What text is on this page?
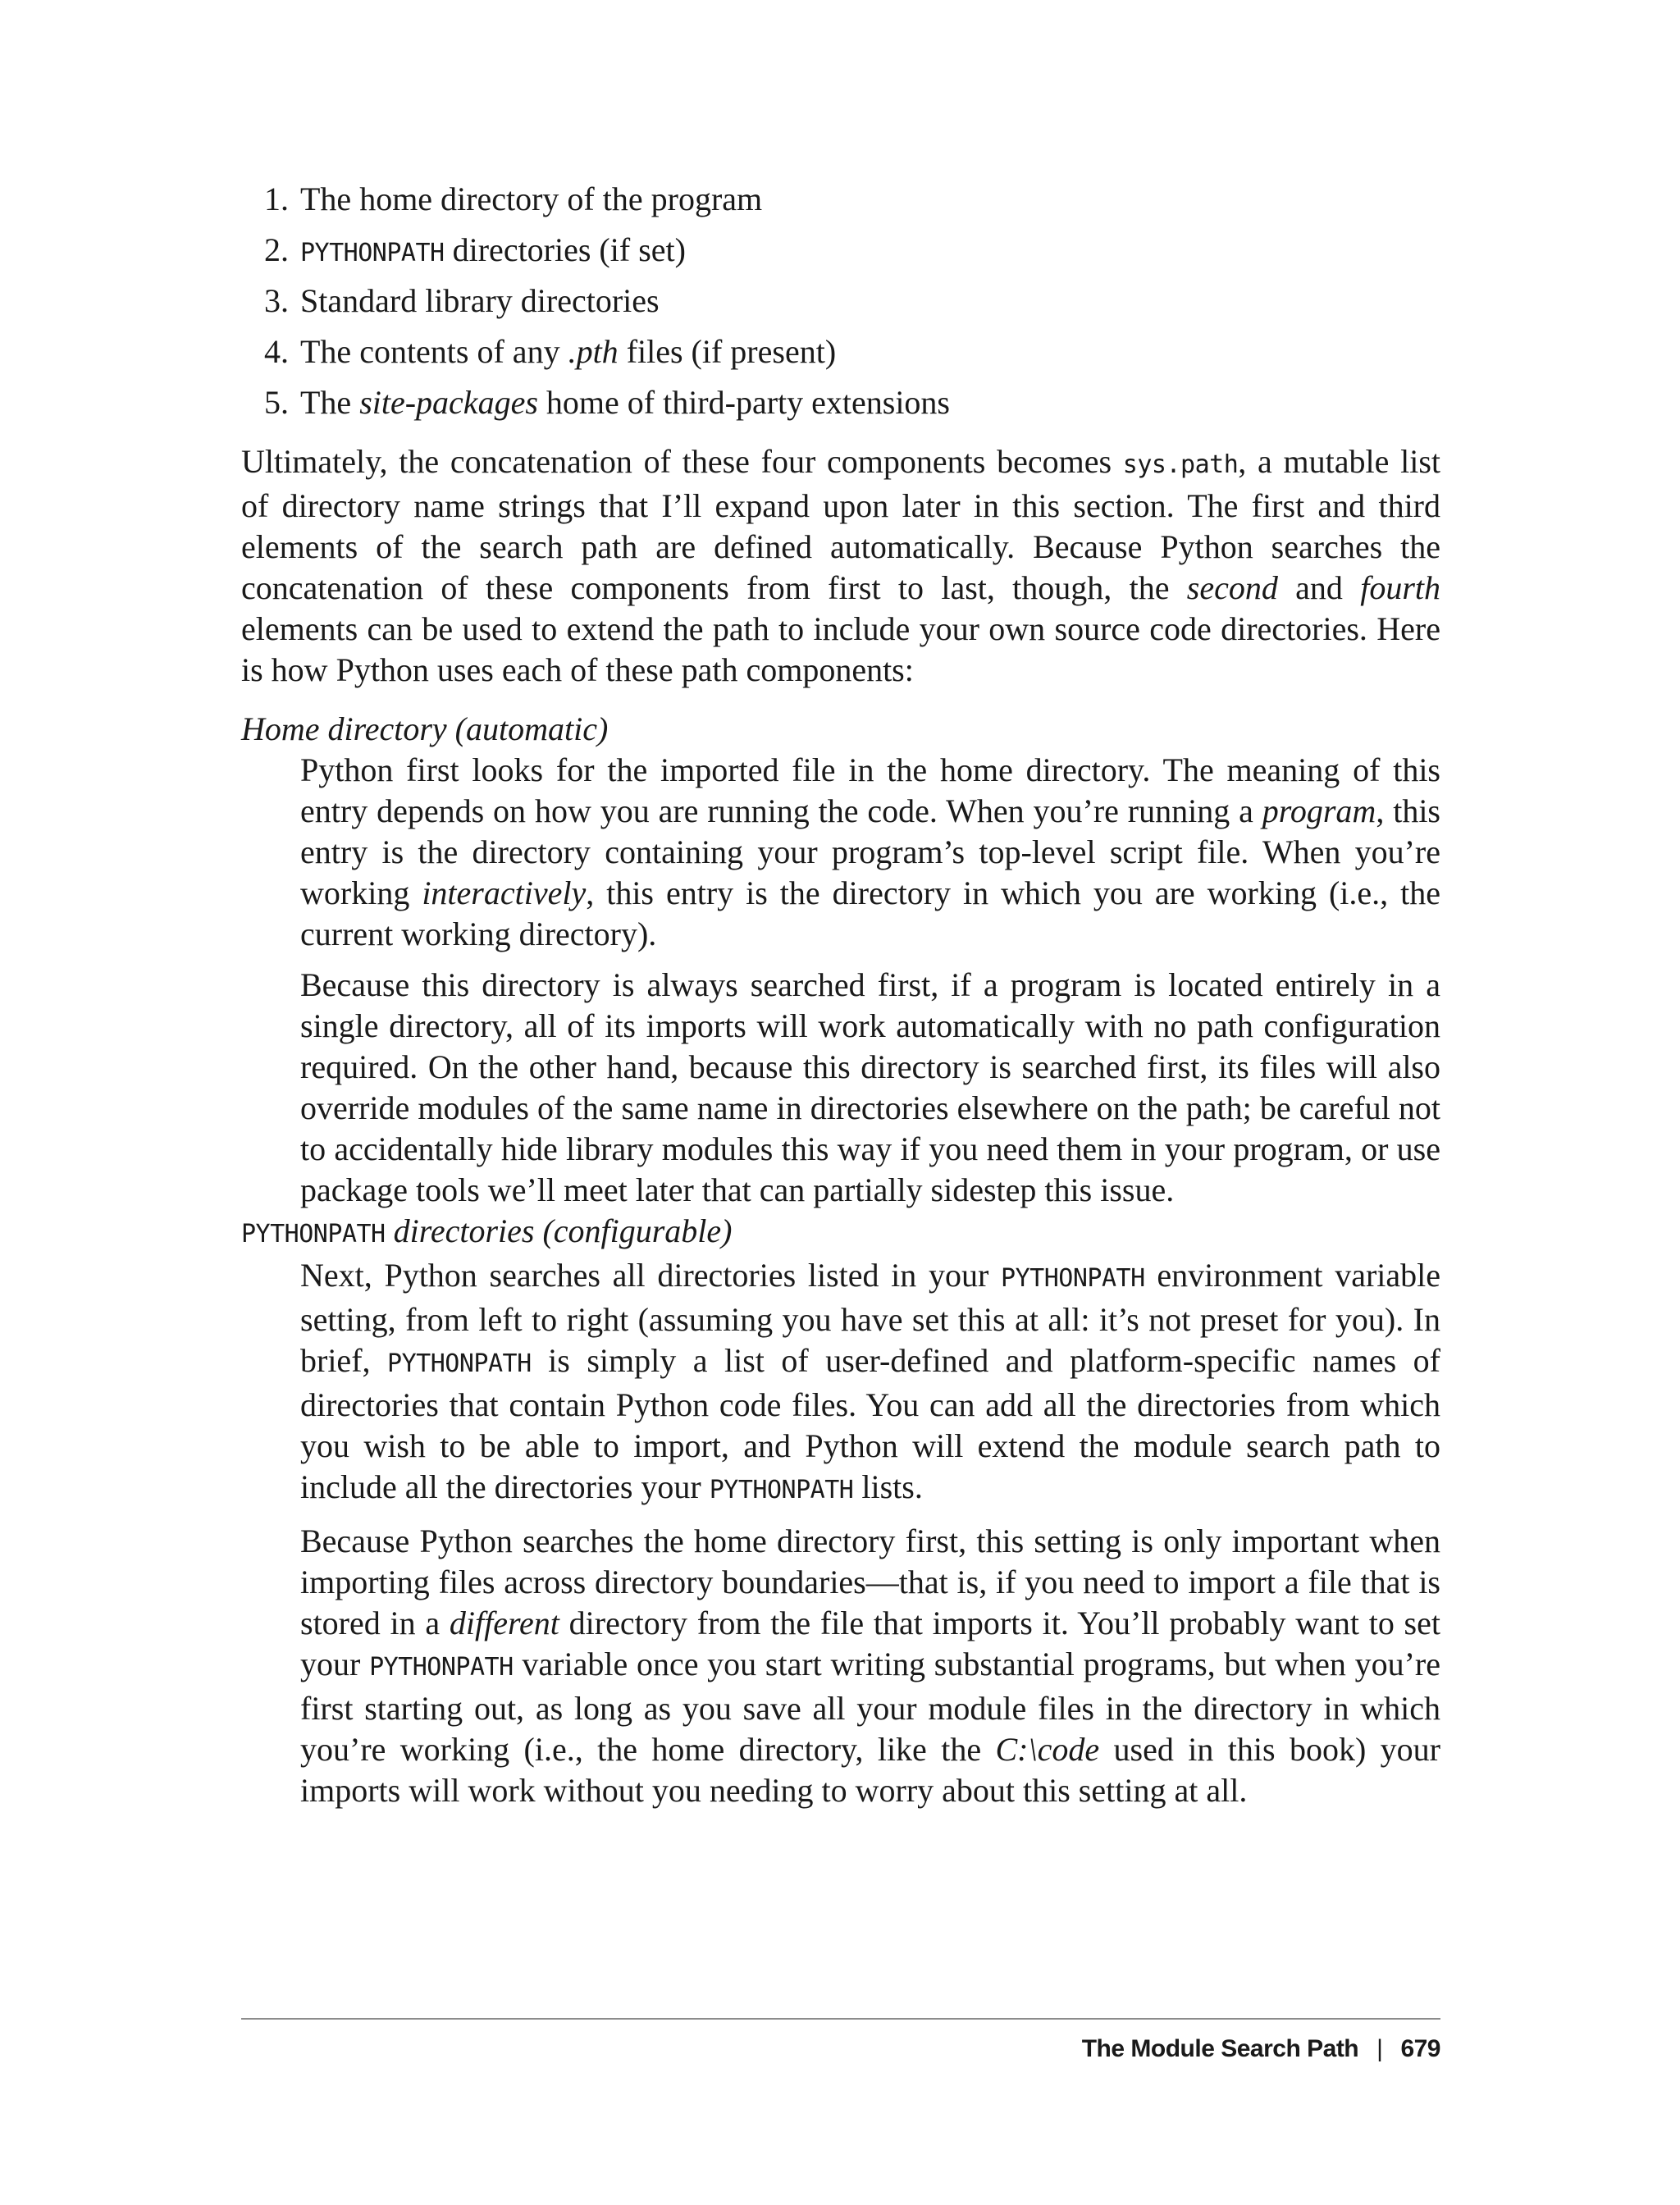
1. The home directory of the program
2. PYTHONPATH directories (if set)
3. Standard library directories
4. The contents of any .pth files (if present)
5. The site-packages home of third-party extensions

Ultimately, the concatenation of these four components becomes sys.path, a mutable list of directory name strings that I’ll expand upon later in this section. The first and third elements of the search path are defined automatically. Because Python searches the concatenation of these components from first to last, though, the second and fourth elements can be used to extend the path to include your own source code directories. Here is how Python uses each of these path components:

Home directory (automatic)

Python first looks for the imported file in the home directory. The meaning of this entry depends on how you are running the code. When you’re running a program, this entry is the directory containing your program’s top-level script file. When you’re working interactively, this entry is the directory in which you are working (i.e., the current working directory).

Because this directory is always searched first, if a program is located entirely in a single directory, all of its imports will work automatically with no path configuration required. On the other hand, because this directory is searched first, its files will also override modules of the same name in directories elsewhere on the path; be careful not to accidentally hide library modules this way if you need them in your program, or use package tools we’ll meet later that can partially sidestep this issue.

PYTHONPATH directories (configurable)

Next, Python searches all directories listed in your PYTHONPATH environment variable setting, from left to right (assuming you have set this at all: it’s not preset for you). In brief, PYTHONPATH is simply a list of user-defined and platform-specific names of directories that contain Python code files. You can add all the directories from which you wish to be able to import, and Python will extend the module search path to include all the directories your PYTHONPATH lists.

Because Python searches the home directory first, this setting is only important when importing files across directory boundaries—that is, if you need to import a file that is stored in a different directory from the file that imports it. You’ll probably want to set your PYTHONPATH variable once you start writing substantial programs, but when you’re first starting out, as long as you save all your module files in the directory in which you’re working (i.e., the home directory, like the C:\code used in this book) your imports will work without you needing to worry about this setting at all.

The Module Search Path | 679
